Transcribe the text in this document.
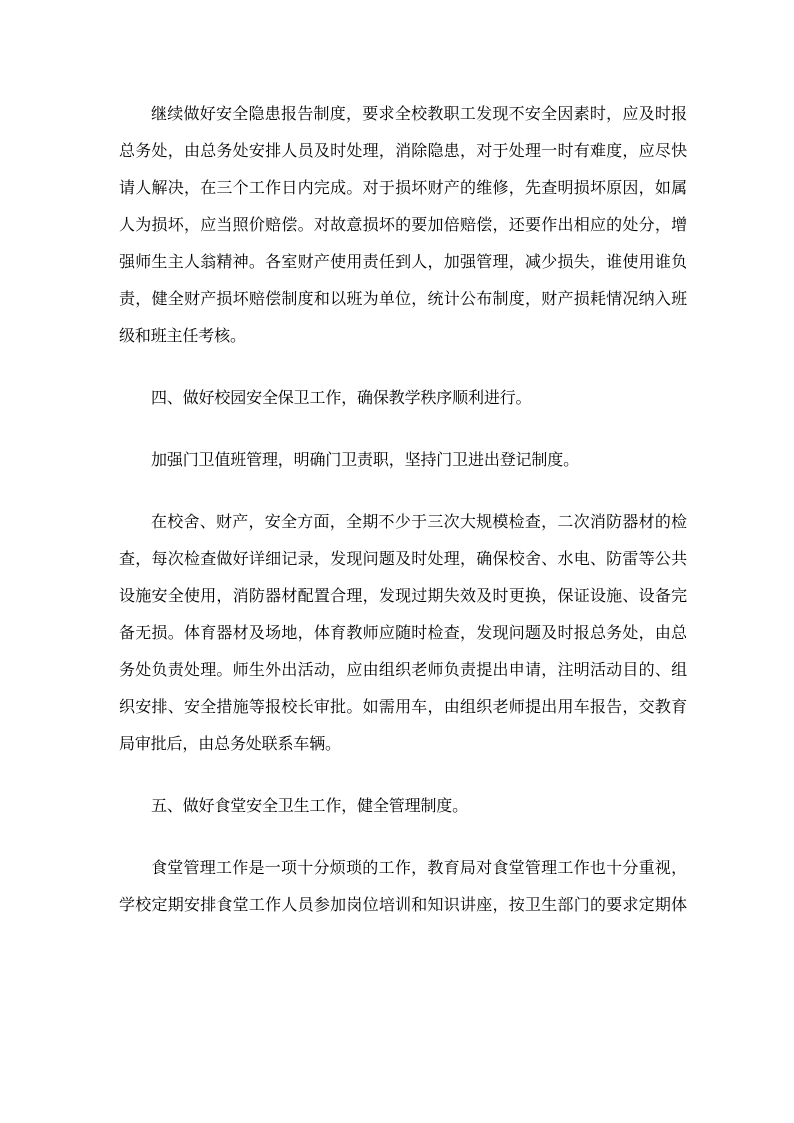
继续做好安全隐患报告制度，要求全校教职工发现不安全因素时，应及时报
总务处，由总务处安排人员及时处理，消除隐患，对于处理一时有难度，应尽快
请人解决，在三个工作日内完成。对于损坏财产的维修，先查明损坏原因，如属
人为损坏，应当照价赔偿。对故意损坏的要加倍赔偿，还要作出相应的处分，增
强师生主人翁精神。各室财产使用责任到人，加强管理，减少损失，谁使用谁负
责，健全财产损坏赔偿制度和以班为单位，统计公布制度，财产损耗情况纳入班
级和班主任考核。
四、做好校园安全保卫工作，确保教学秩序顺利进行。
加强门卫值班管理，明确门卫责职，坚持门卫进出登记制度。
在校舍、财产，安全方面，全期不少于三次大规模检查，二次消防器材的检
查，每次检查做好详细记录，发现问题及时处理，确保校舍、水电、防雷等公共
设施安全使用，消防器材配置合理，发现过期失效及时更换，保证设施、设备完
备无损。体育器材及场地，体育教师应随时检查，发现问题及时报总务处，由总
务处负责处理。师生外出活动，应由组织老师负责提出申请，注明活动目的、组
织安排、安全措施等报校长审批。如需用车，由组织老师提出用车报告，交教育
局审批后，由总务处联系车辆。
五、做好食堂安全卫生工作，健全管理制度。
食堂管理工作是一项十分烦琐的工作，教育局对食堂管理工作也十分重视，
学校定期安排食堂工作人员参加岗位培训和知识讲座，按卫生部门的要求定期体
